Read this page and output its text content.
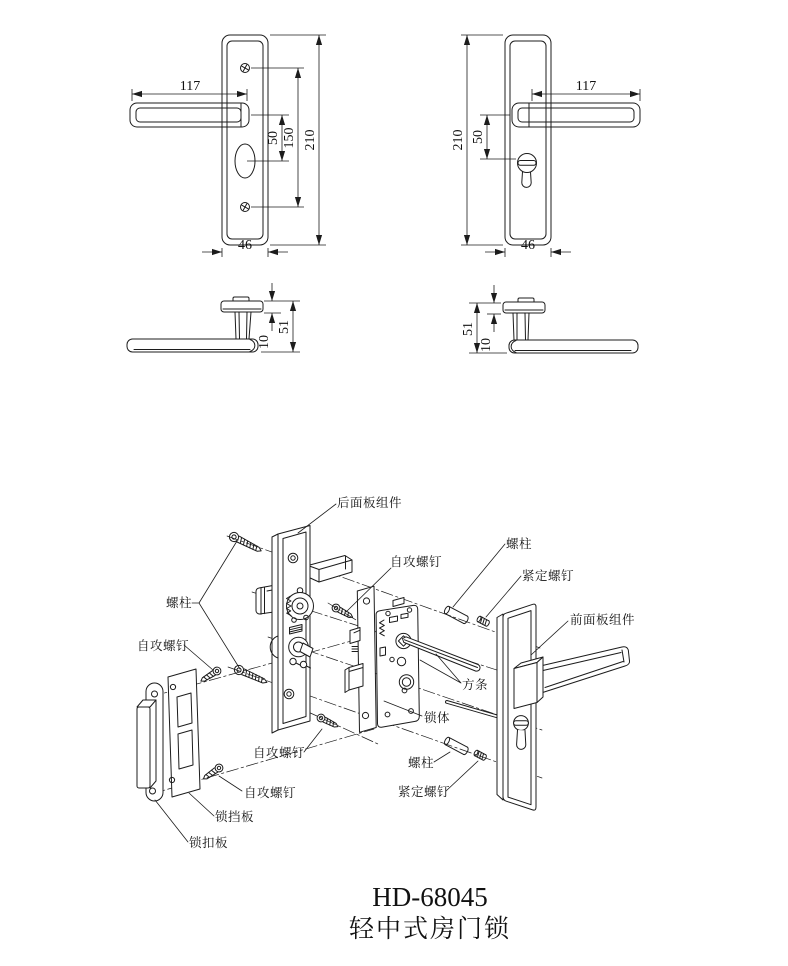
117
50 150 210
46
117
50
210
46
10
51
10
51
后面板组件
自攻螺钉
螺柱
紧定螺钉
前面板组件
方条
锁体
螺柱
自攻螺钉
自攻螺钉
自攻螺钉
锁挡板
锁扣板
螺柱
紧定螺钉
HD-68045
轻中式房门锁
